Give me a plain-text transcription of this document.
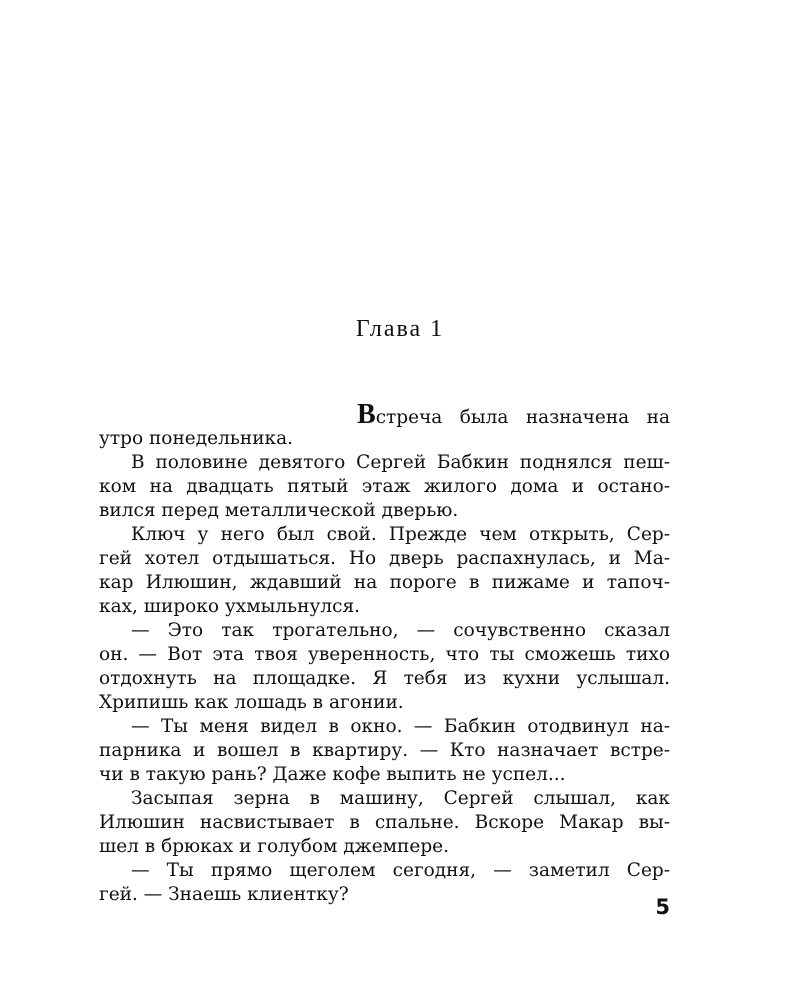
Глава 1

Встреча была назначена на

утро понедельника.

В половине девятого Сергей Бабкин поднялся пеш-

ком на двадцать пятый этаж жилого дома и остано-

вился перед металлической дверью.

Ключ у него был свой. Прежде чем открыть, Сер-

гей хотел отдышаться. Но дверь распахнулась, и Ма-

кар Илюшин, ждавший на пороге в пижаме и тапоч-

ках, широко ухмыльнулся.

— Это так трогательно, — сочувственно сказал

он. — Вот эта твоя уверенность, что ты сможешь тихо

отдохнуть на площадке. Я тебя из кухни услышал.

Хрипишь как лошадь в агонии.

— Ты меня видел в окно. — Бабкин отодвинул на-

парника и вошел в квартиру. — Кто назначает встре-

чи в такую рань? Даже кофе выпить не успел...

Засыпая зерна в машину, Сергей слышал, как

Илюшин насвистывает в спальне. Вскоре Макар вы-

шел в брюках и голубом джемпере.

— Ты прямо щеголем сегодня, — заметил Сер-

гей. — Знаешь клиентку?

5
